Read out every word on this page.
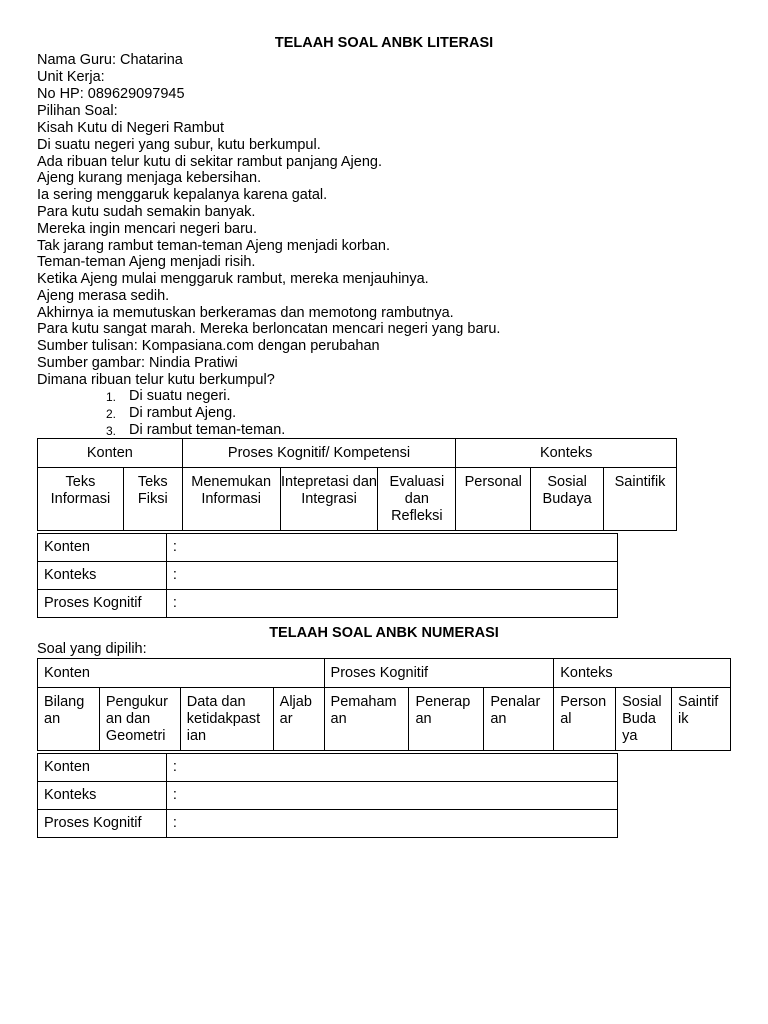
TELAAH SOAL ANBK LITERASI
Nama Guru: Chatarina
Unit Kerja:
No HP: 089629097945
Pilihan Soal:
Kisah Kutu di Negeri Rambut
Di suatu negeri yang subur, kutu berkumpul.
Ada ribuan telur kutu di sekitar rambut panjang Ajeng.
Ajeng kurang menjaga kebersihan.
Ia sering menggaruk kepalanya karena gatal.
Para kutu sudah semakin banyak.
Mereka ingin mencari negeri baru.
Tak jarang rambut teman-teman Ajeng menjadi korban.
Teman-teman Ajeng menjadi risih.
Ketika Ajeng mulai menggaruk rambut, mereka menjauhinya.
Ajeng merasa sedih.
Akhirnya ia memutuskan berkeramas dan memotong rambutnya.
Para kutu sangat marah. Mereka berloncatan mencari negeri yang baru.
Sumber tulisan: Kompasiana.com dengan perubahan
Sumber gambar: Nindia Pratiwi
Dimana ribuan telur kutu berkumpul?
1. Di suatu negeri.
2. Di rambut Ajeng.
3. Di rambut teman-teman.
Konten		Proses Kognitif/ Kompetensi			Konteks		
Teks Informasi	Teks Fiksi	Menemukan Informasi	Intepretasi dan Integrasi	Evaluasi dan Refleksi	Personal	Sosial Budaya	Saintifik
Konten	:
Konteks	:
Proses Kognitif	:
TELAAH SOAL ANBK NUMERASI
Soal yang dipilih:
Konten				Proses Kognitif			Konteks		
Bilang an	Pengukur an dan Geometri	Data dan ketidakpast ian	Aljab ar	Pemaham an	Penerap an	Penalar an	Person al	Sosial Buda ya	Saintif ik
Konten	:
Konteks	:
Proses Kognitif	:
